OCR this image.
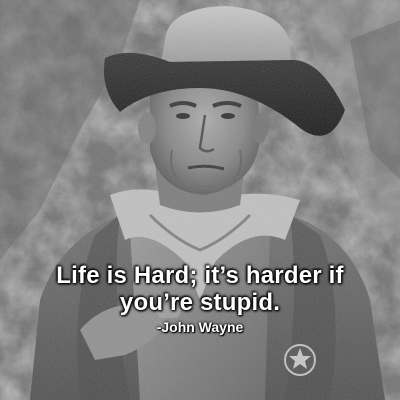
Life is Hard; it’s harder if
you’re stupid.
-John Wayne
